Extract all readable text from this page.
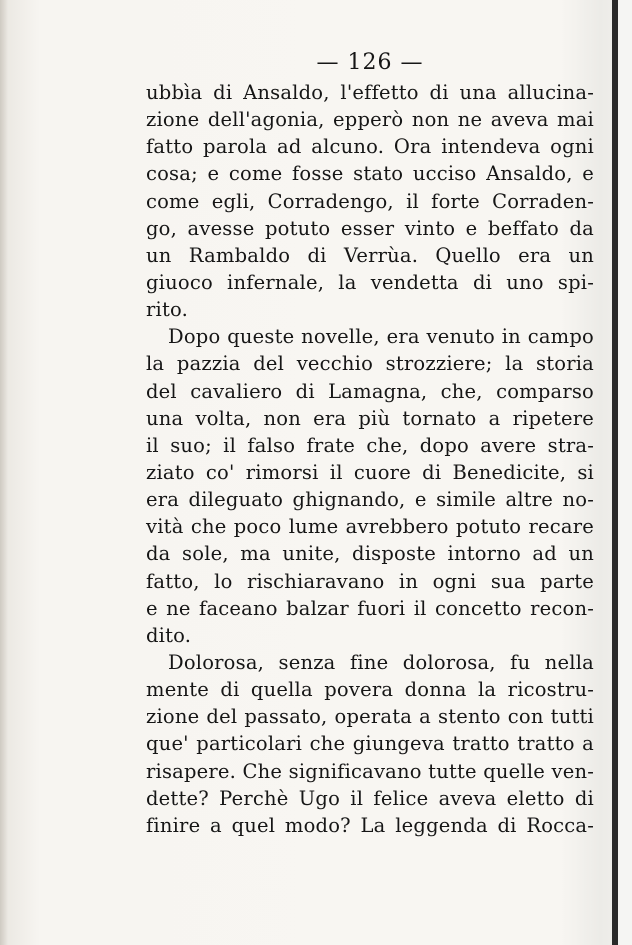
— 126 —
ubbìa di Ansaldo, l'effetto di una allucina-
zione dell'agonia, epperò non ne aveva mai
fatto parola ad alcuno. Ora intendeva ogni
cosa; e come fosse stato ucciso Ansaldo, e
come egli, Corradengo, il forte Corraden-
go, avesse potuto esser vinto e beffato da
un Rambaldo di Verrùa. Quello era un
giuoco infernale, la vendetta di uno spi-
rito.
Dopo queste novelle, era venuto in campo
la pazzia del vecchio strozziere; la storia
del cavaliero di Lamagna, che, comparso
una volta, non era più tornato a ripetere
il suo; il falso frate che, dopo avere stra-
ziato co' rimorsi il cuore di Benedicite, si
era dileguato ghignando, e simile altre no-
vità che poco lume avrebbero potuto recare
da sole, ma unite, disposte intorno ad un
fatto, lo rischiaravano in ogni sua parte
e ne faceano balzar fuori il concetto recon-
dito.
Dolorosa, senza fine dolorosa, fu nella
mente di quella povera donna la ricostru-
zione del passato, operata a stento con tutti
que' particolari che giungeva tratto tratto a
risapere. Che significavano tutte quelle ven-
dette? Perchè Ugo il felice aveva eletto di
finire a quel modo? La leggenda di Rocca-
